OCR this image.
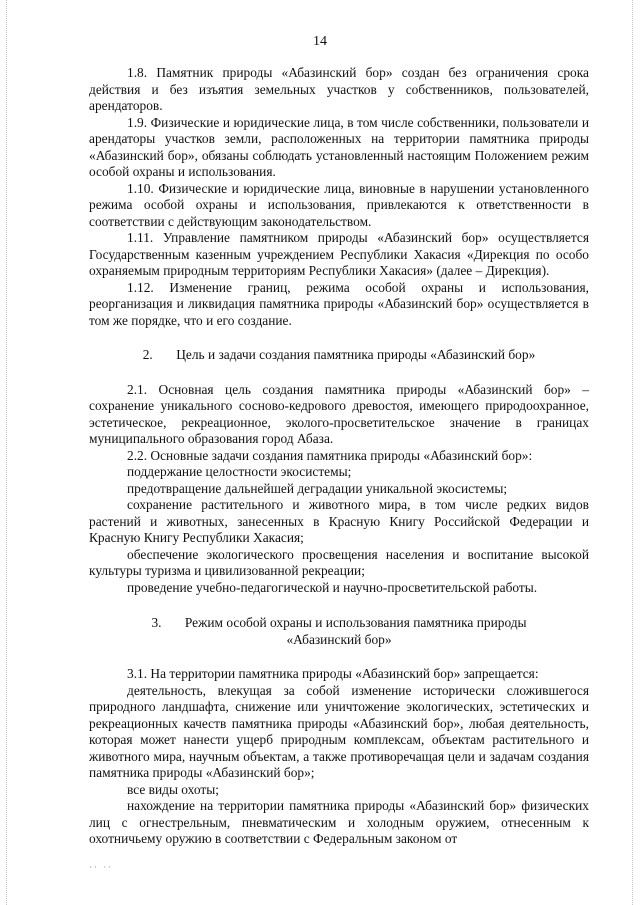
14

1.8. Памятник природы «Абазинский бор» создан без ограничения срока действия и без изъятия земельных участков у собственников, пользователей, арендаторов.

1.9. Физические и юридические лица, в том числе собственники, пользователи и арендаторы участков земли, расположенных на территории памятника природы «Абазинский бор», обязаны соблюдать установленный настоящим Положением режим особой охраны и использования.

1.10. Физические и юридические лица, виновные в нарушении установленного режима особой охраны и использования, привлекаются к ответственности в соответствии с действующим законодательством.

1.11. Управление памятником природы «Абазинский бор» осуществляется Государственным казенным учреждением Республики Хакасия «Дирекция по особо охраняемым природным территориям Республики Хакасия» (далее – Дирекция).

1.12. Изменение границ, режима особой охраны и использования, реорганизация и ликвидация памятника природы «Абазинский бор» осуществляется в том же порядке, что и его создание.

2.       Цель и задачи создания памятника природы «Абазинский бор»

2.1. Основная цель создания памятника природы «Абазинский бор» – сохранение уникального сосново-кедрового древостоя, имеющего природоохранное, эстетическое, рекреационное, эколого-просветительское значение в границах муниципального образования город Абаза.

2.2. Основные задачи создания памятника природы «Абазинский бор»:

поддержание целостности экосистемы;

предотвращение дальнейшей деградации уникальной экосистемы;

сохранение растительного и животного мира, в том числе редких видов растений и животных, занесенных в Красную Книгу Российской Федерации и Красную Книгу Республики Хакасия;

обеспечение экологического просвещения населения и воспитание высокой культуры туризма и цивилизованной рекреации;

проведение учебно-педагогической и научно-просветительской работы.

3.       Режим особой охраны и использования памятника природы

«Абазинский бор»

3.1. На территории памятника природы «Абазинский бор» запрещается:

деятельность, влекущая за собой изменение исторически сложившегося природного ландшафта, снижение или уничтожение экологических, эстетических и рекреационных качеств памятника природы «Абазинский бор», любая деятельность, которая может нанести ущерб природным комплексам, объектам растительного и животного мира, научным объектам, а также противоречащая цели и задачам создания памятника природы «Абазинский бор»;

все виды охоты;

нахождение на территории памятника природы «Абазинский бор» физических лиц с огнестрельным, пневматическим и холодным оружием, отнесенным к охотничьему оружию в соответствии с Федеральным законом от

·· ··
